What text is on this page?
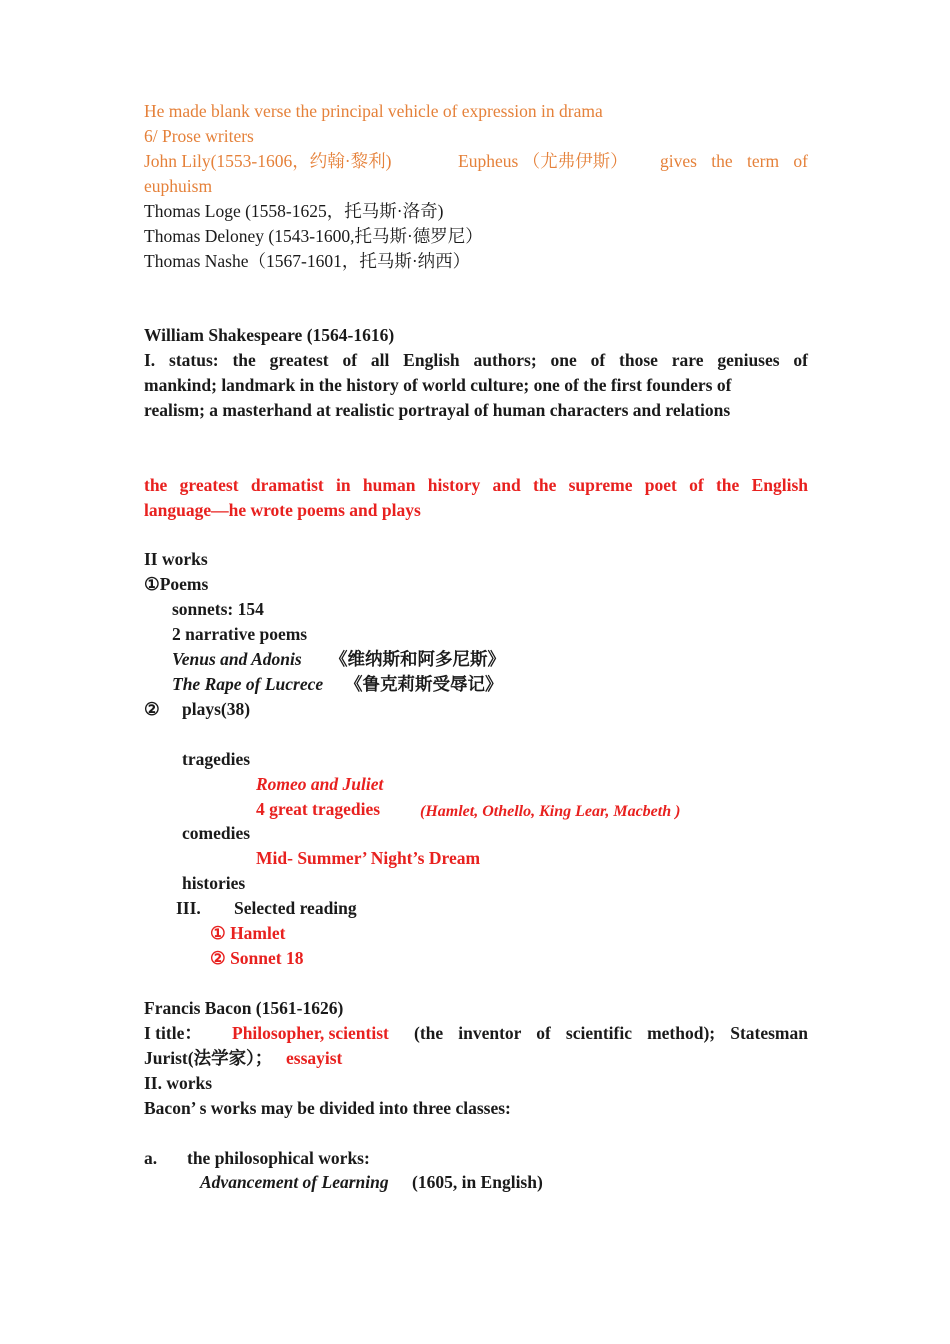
He made blank verse the principal vehicle of expression in drama
6/ Prose writers
John Lily(1553-1606，约翰·黎利)	Eupheus （尤弗伊斯） gives the term of
euphuism
Thomas Loge (1558-1625，托马斯·洛奇)
Thomas Deloney (1543-1600,托马斯·德罗尼）
Thomas Nashe（1567-1601，托马斯·纳西）
William Shakespeare (1564-1616)
I. status: the greatest of all English authors; one of those rare geniuses of
mankind; landmark in the history of world culture; one of the first founders of
realism; a masterhand at realistic portrayal of human characters and relations
the greatest dramatist in human history and the supreme poet of the English
language—he wrote poems and plays
II works
①Poems
sonnets: 154
2 narrative poems
Venus and Adonis 《维纳斯和阿多尼斯》
The Rape of Lucrece 《鲁克莉斯受辱记》
② plays(38)
tragedies
Romeo and Juliet
4 great tragedies (Hamlet, Othello, King Lear, Macbeth )
comedies
Mid- Summer’ Night’s Dream
histories
III. Selected reading
① Hamlet
② Sonnet 18
Francis Bacon (1561-1626)
I title： Philosopher, scientist (the inventor of scientific method); Statesman
Jurist(法学家）； essayist
II. works
Bacon’ s works may be divided into three classes:
a. the philosophical works:
Advancement of Learning (1605, in English)
